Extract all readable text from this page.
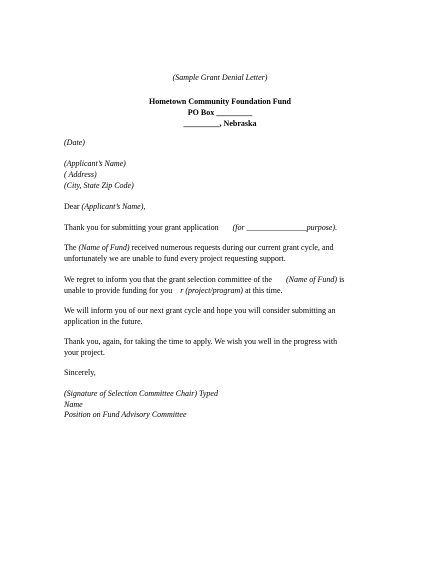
(Sample Grant Denial Letter)
Hometown Community Foundation Fund
PO Box _________
_________, Nebraska
(Date)
(Applicant’s Name)
( Address)
(City, State Zip Code)
Dear (Applicant’s Name),
Thank you for submitting your grant application (for _______________purpose).
The (Name of Fund) received numerous requests during our current grant cycle, and
unfortunately we are unable to fund every project requesting support.
We regret to inform you that the grant selection committee of the (Name of Fund) is
unable to provide funding for you r (project/program) at this time.
We will inform you of our next grant cycle and hope you will consider submitting an
application in the future.
Thank you, again, for taking the time to apply. We wish you well in the progress with
your project.
Sincerely,
(Signature of Selection Committee Chair) Typed
Name
Position on Fund Advisory Committee
